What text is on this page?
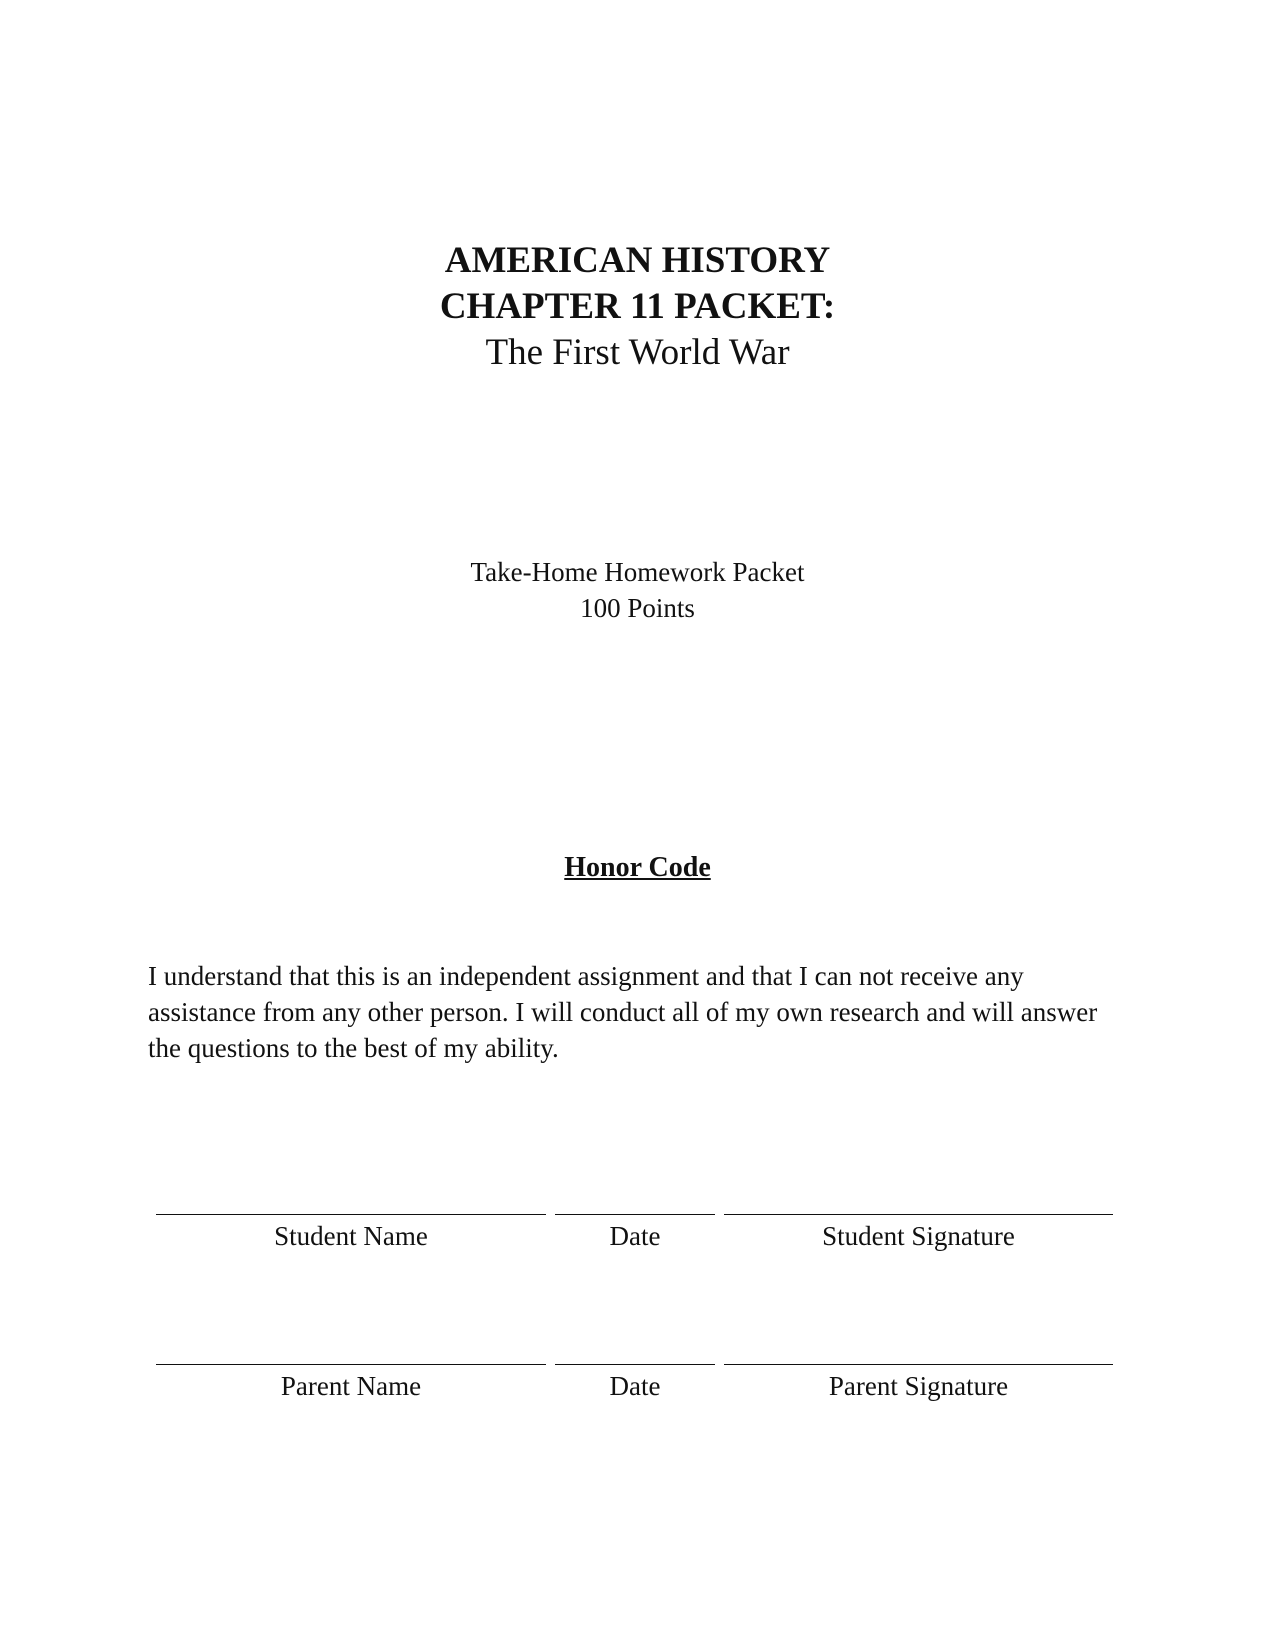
AMERICAN HISTORY

CHAPTER 11 PACKET:

The First World War

Take-Home Homework Packet
100 Points
Honor Code

I understand that this is an independent assignment and that I can not receive any assistance from any other person. I will conduct all of my own research and will answer the questions to the best of my ability.

Student Name	Date	Student Signature
Parent Name	Date	Parent Signature
